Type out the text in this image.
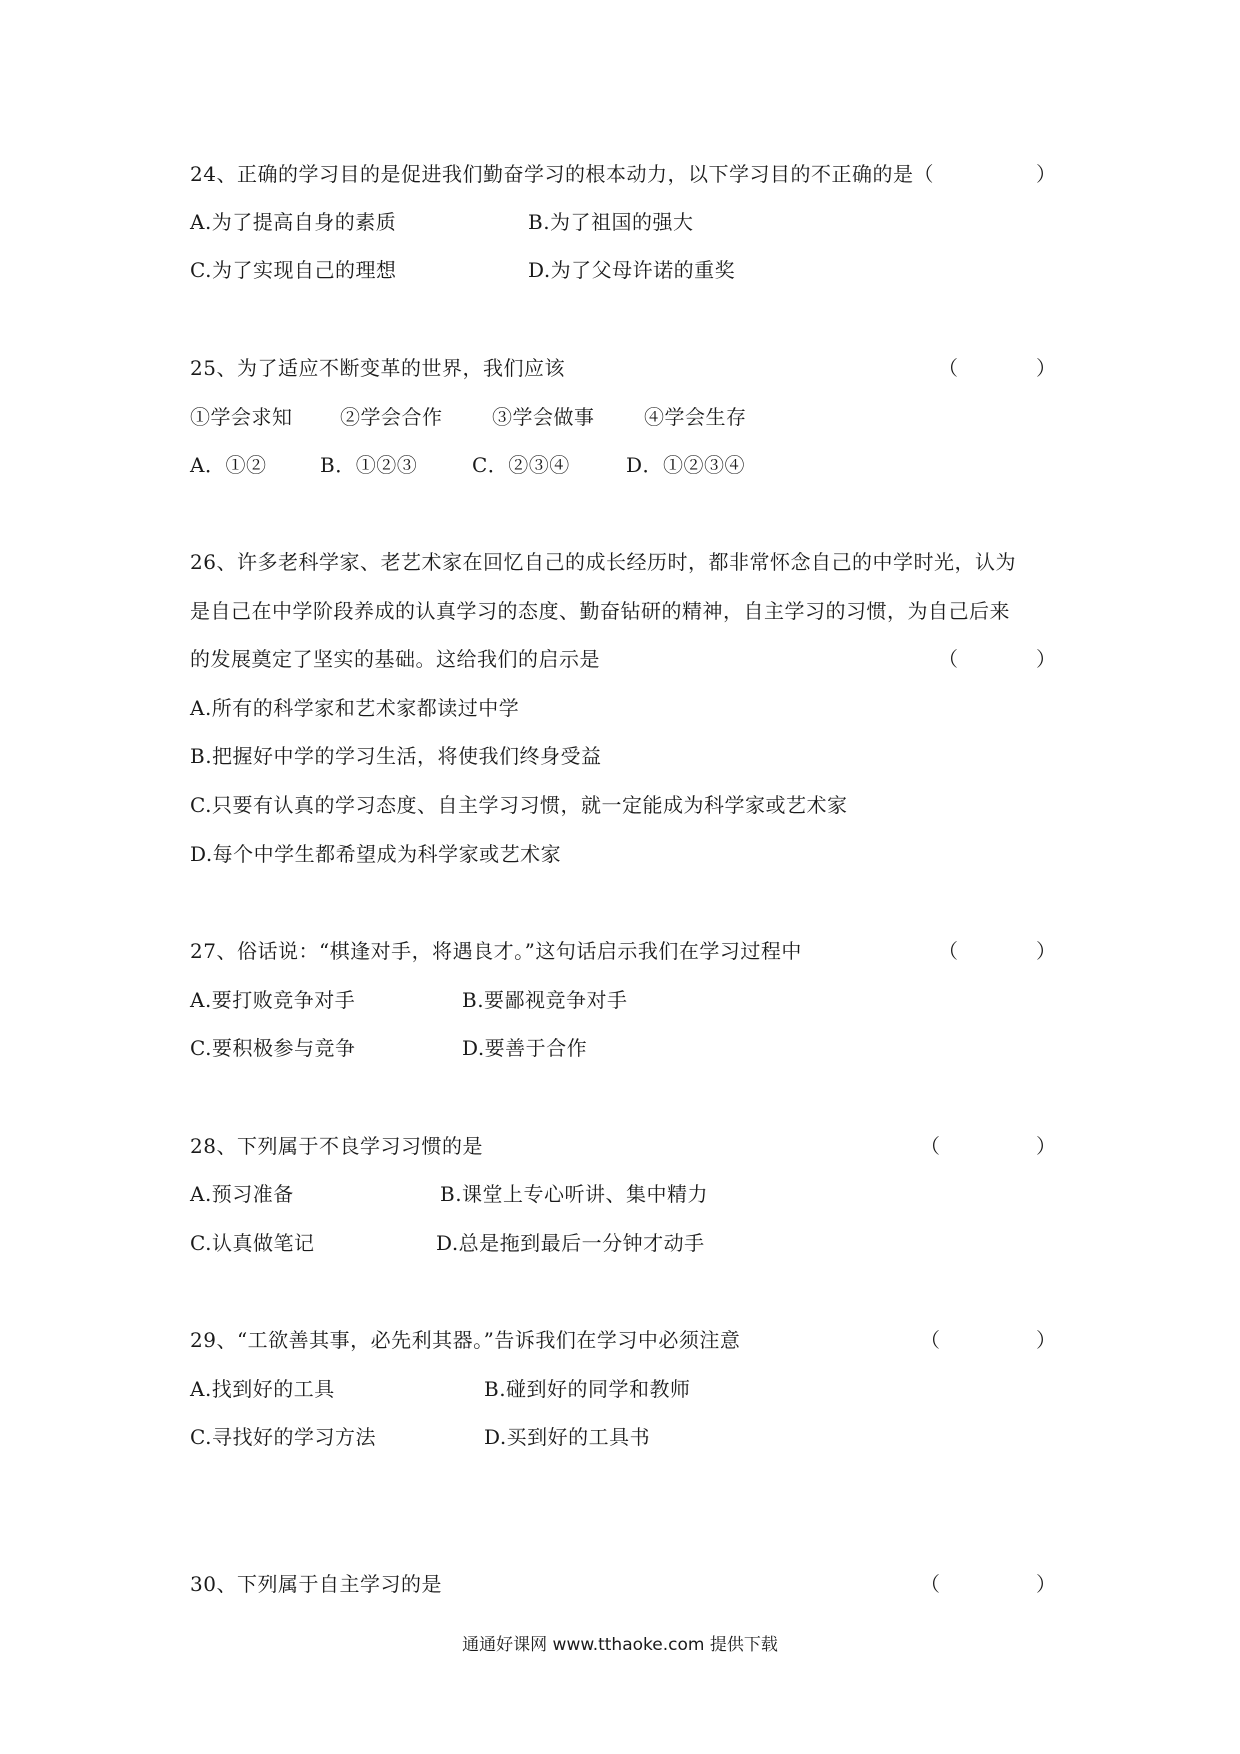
24、正确的学习目的是促进我们勤奋学习的根本动力，以下学习目的不正确的是（	）
A.为了提高自身的素质	B.为了祖国的强大
C.为了实现自己的理想	D.为了父母许诺的重奖
25、为了适应不断变革的世界，我们应该	（	）
①学会求知 ②学会合作 ③学会做事 ④学会生存
A．①②	B．①②③	C．②③④	D．①②③④
26、许多老科学家、老艺术家在回忆自己的成长经历时，都非常怀念自己的中学时光，认为
是自己在中学阶段养成的认真学习的态度、勤奋钻研的精神，自主学习的习惯，为自己后来
的发展奠定了坚实的基础。这给我们的启示是	（	）
A.所有的科学家和艺术家都读过中学
B.把握好中学的学习生活，将使我们终身受益
C.只要有认真的学习态度、自主学习习惯，就一定能成为科学家或艺术家
D.每个中学生都希望成为科学家或艺术家
27、俗话说：“棋逢对手，将遇良才。”这句话启示我们在学习过程中	（	）
A.要打败竞争对手	B.要鄙视竞争对手
C.要积极参与竞争	D.要善于合作
28、下列属于不良学习习惯的是	（	）
A.预习准备	B.课堂上专心听讲、集中精力
C.认真做笔记	D.总是拖到最后一分钟才动手
29、“工欲善其事，必先利其器。”告诉我们在学习中必须注意	（	）
A.找到好的工具	B.碰到好的同学和教师
C.寻找好的学习方法	D.买到好的工具书
30、下列属于自主学习的是	（	）
通通好课网 www.tthaoke.com 提供下载
